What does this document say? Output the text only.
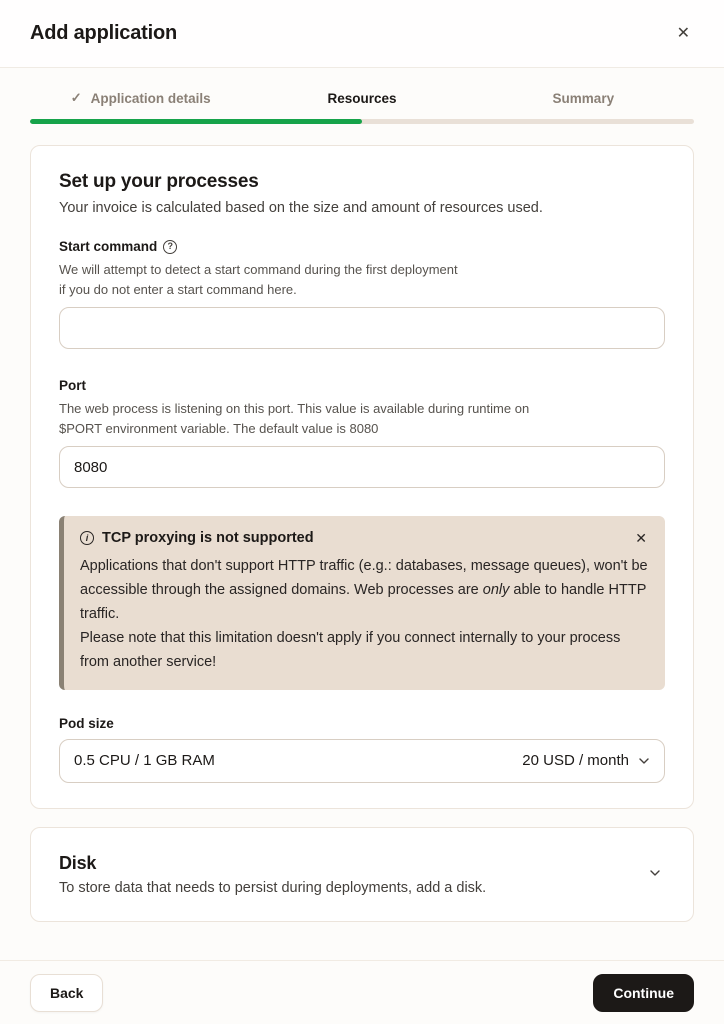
Add application	✕
✓ Application details	Resources	Summary
Set up your processes
Your invoice is calculated based on the size and amount of resources used.
Start command	?
We will attempt to detect a start command during the first deployment if you do not enter a start command here.
Port
The web process is listening on this port. This value is available during runtime on $PORT environment variable. The default value is 8080
8080
i TCP proxying is not supported	✕

Applications that don't support HTTP traffic (e.g.: databases, message queues), won't be accessible through the assigned domains. Web processes are only able to handle HTTP traffic.

Please note that this limitation doesn't apply if you connect internally to your process from another service!

Pod size
0.5 CPU / 1 GB RAM	20 USD / month
Disk
To store data that needs to persist during deployments, add a disk.
Back	Continue
